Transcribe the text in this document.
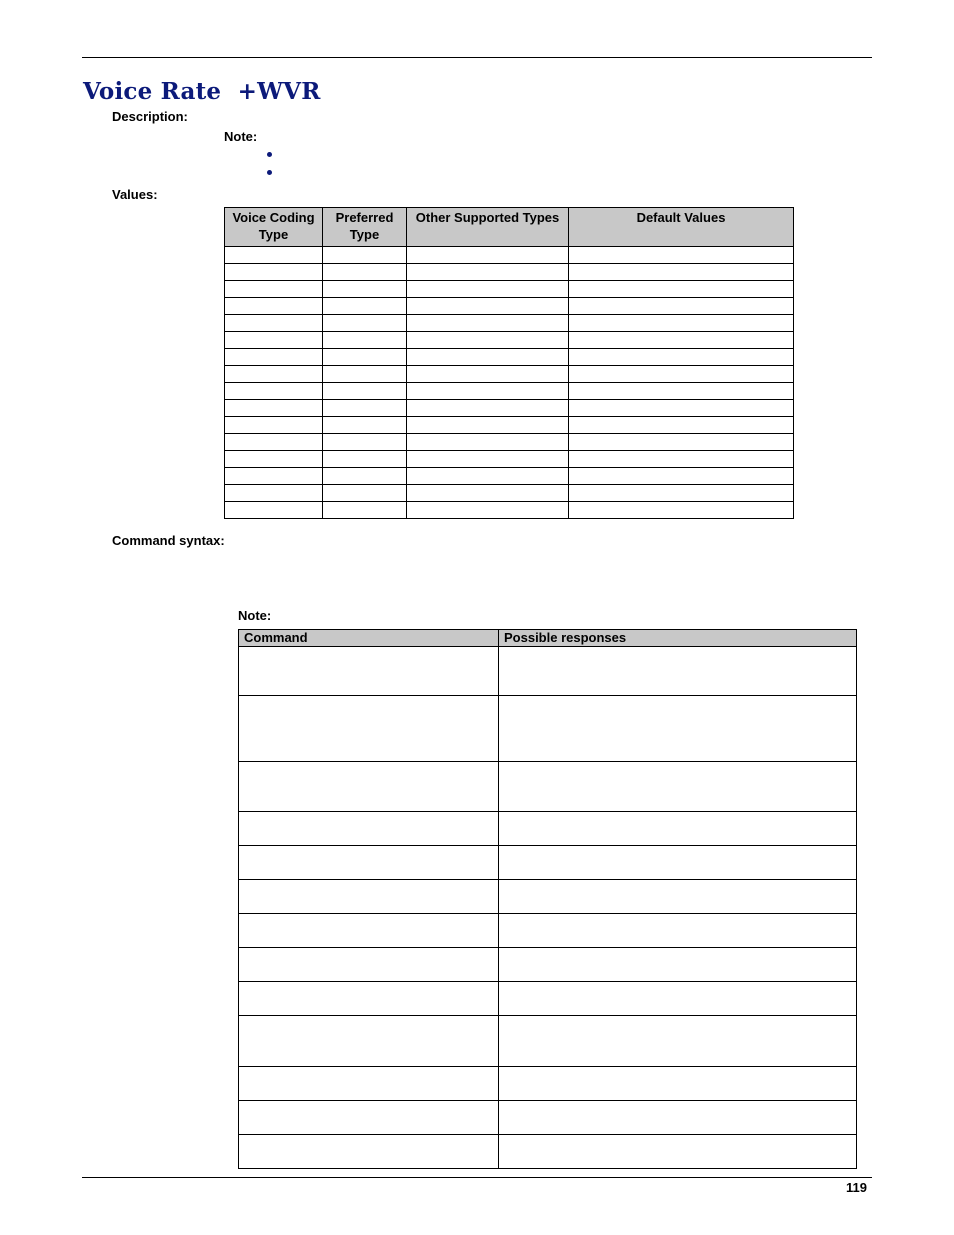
Voice Rate  +WVR
Description:
Note:
Values:
Voice Coding Type	Preferred Type	Other Supported Types	Default Values

Command syntax:
Note:
Command	Possible responses

119
